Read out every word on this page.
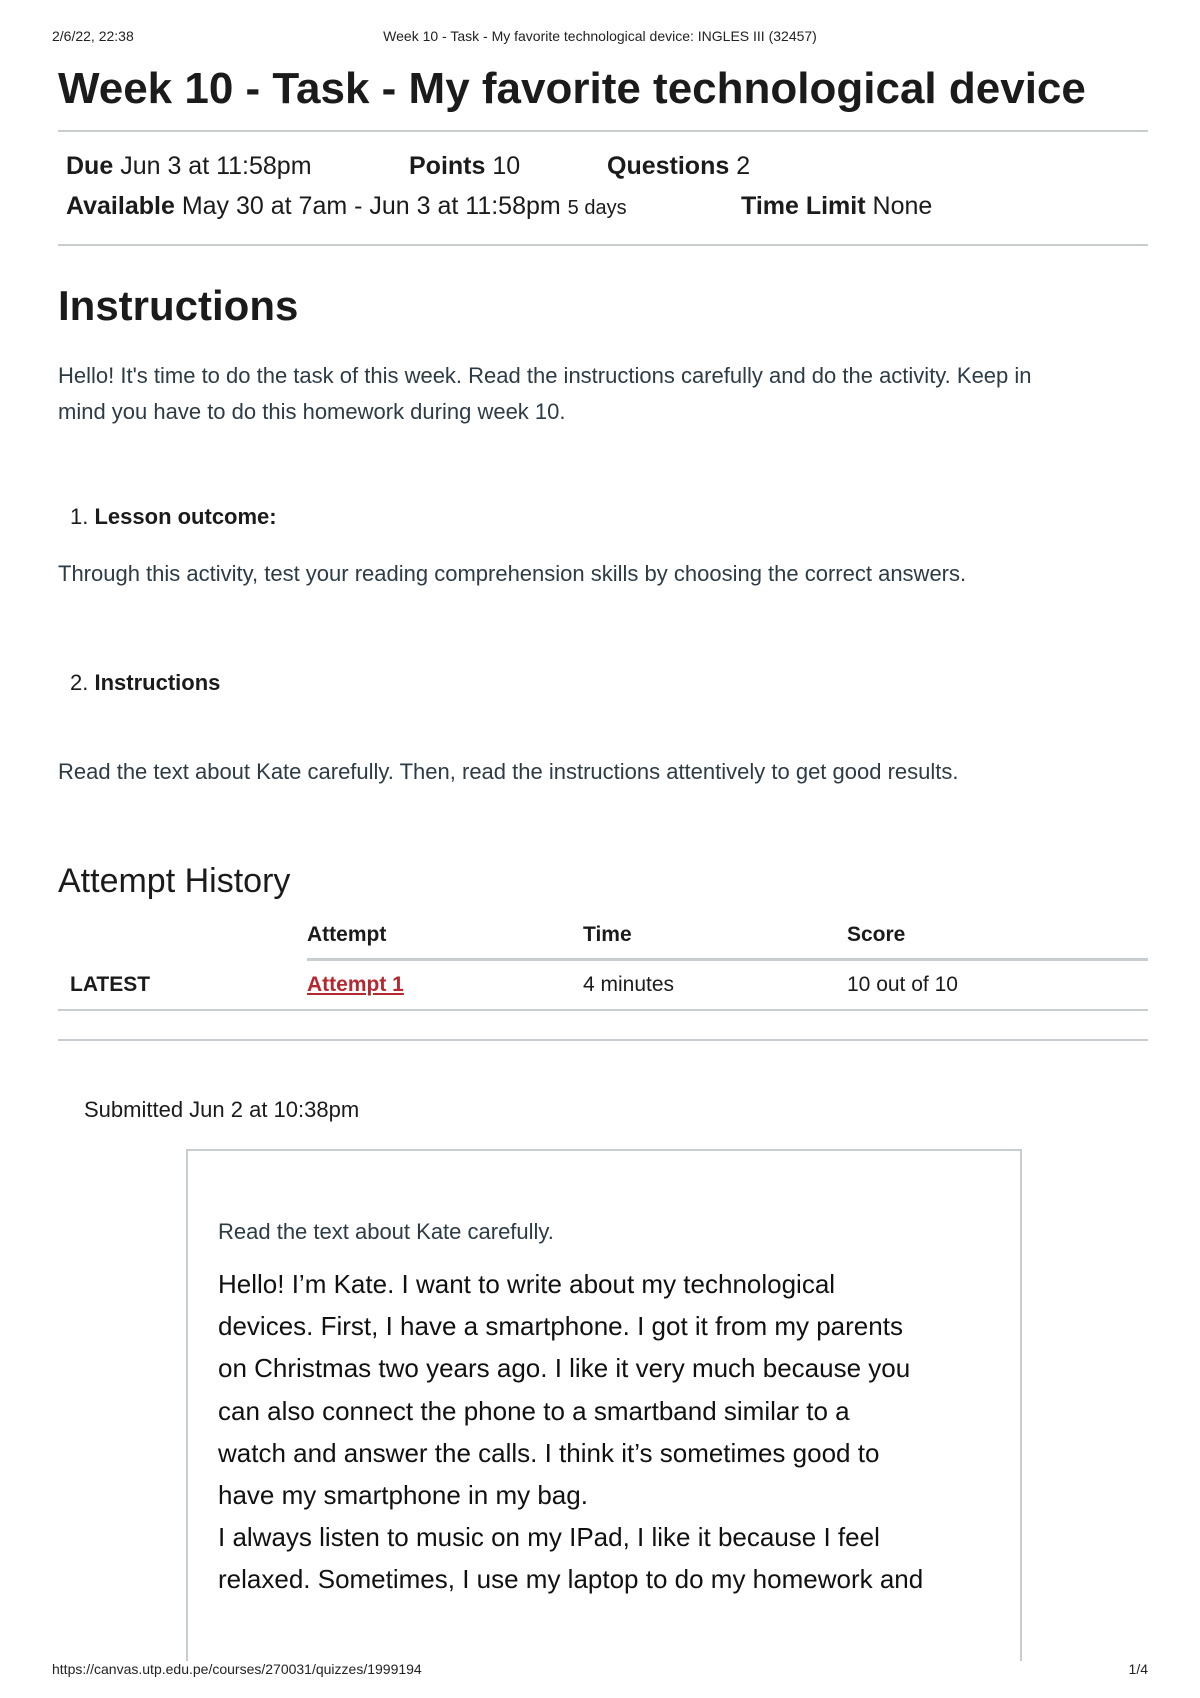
2/6/22, 22:38	Week 10 - Task - My favorite technological device: INGLES III (32457)
Week 10 - Task - My favorite technological device
Due Jun 3 at 11:58pm	Points 10	Questions 2
Available May 30 at 7am - Jun 3 at 11:58pm 5 days	Time Limit None
Instructions

Hello! It's time to do the task of this week. Read the instructions carefully and do the activity. Keep in

mind you have to do this homework during week 10.

1. Lesson outcome:

Through this activity, test your reading comprehension skills by choosing the correct answers.

2. Instructions

Read the text about Kate carefully. Then, read the instructions attentively to get good results.

Attempt History
	Attempt	Time	Score
LATEST	Attempt 1	4 minutes	10 out of 10
Submitted Jun 2 at 10:38pm
Read the text about Kate carefully.
Hello! I’m Kate. I want to write about my technological
devices. First, I have a smartphone. I got it from my parents
on Christmas two years ago. I like it very much because you
can also connect the phone to a smartband similar to a
watch and answer the calls. I think it’s sometimes good to
have my smartphone in my bag.
I always listen to music on my IPad, I like it because I feel
relaxed. Sometimes, I use my laptop to do my homework and
https://canvas.utp.edu.pe/courses/270031/quizzes/1999194	1/4
